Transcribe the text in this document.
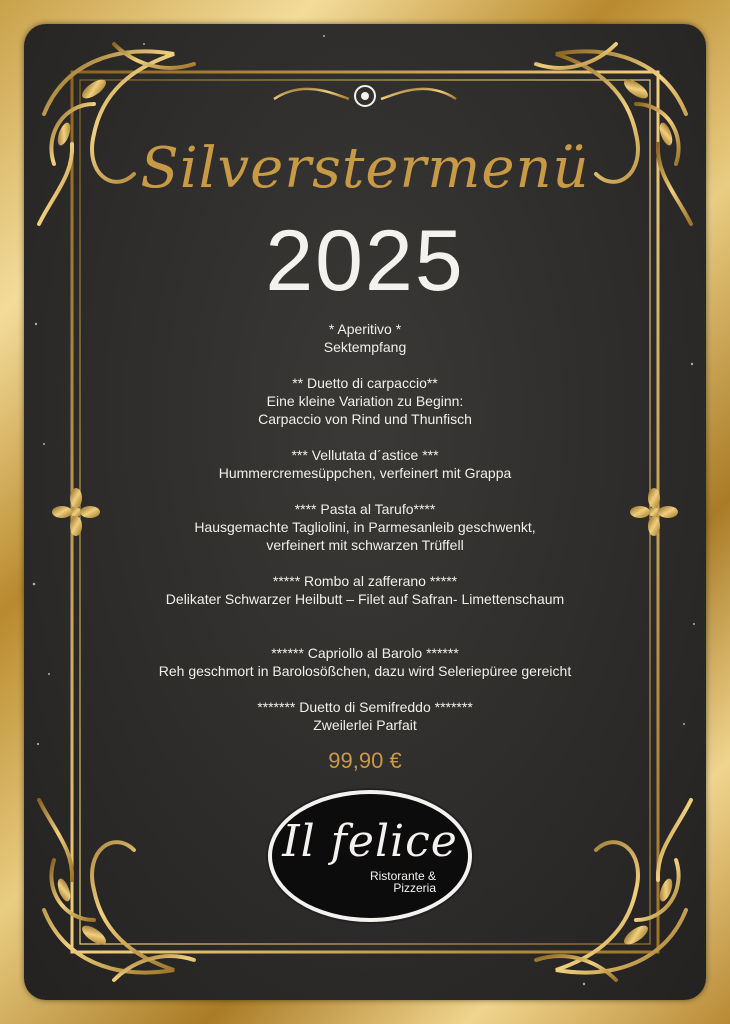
Silverstermenü
2025
* Aperitivo *
Sektempfang
** Duetto di carpaccio**
Eine kleine Variation zu Beginn:
Carpaccio von Rind und Thunfisch
*** Vellutata d´astice ***
Hummercremesüppchen, verfeinert mit Grappa
**** Pasta al Tarufo****
Hausgemachte Tagliolini, in Parmesanleib geschwenkt,
verfeinert mit schwarzen Trüffell
***** Rombo al zafferano *****
Delikater Schwarzer Heilbutt – Filet auf Safran- Limettenschaum
****** Capriollo al Barolo ******
Reh geschmort in Barolosößchen, dazu wird Seleriepüree gereicht
******* Duetto di Semifreddo *******
Zweilerlei Parfait
99,90 €
Il felice
Ristorante &
Pizzeria
